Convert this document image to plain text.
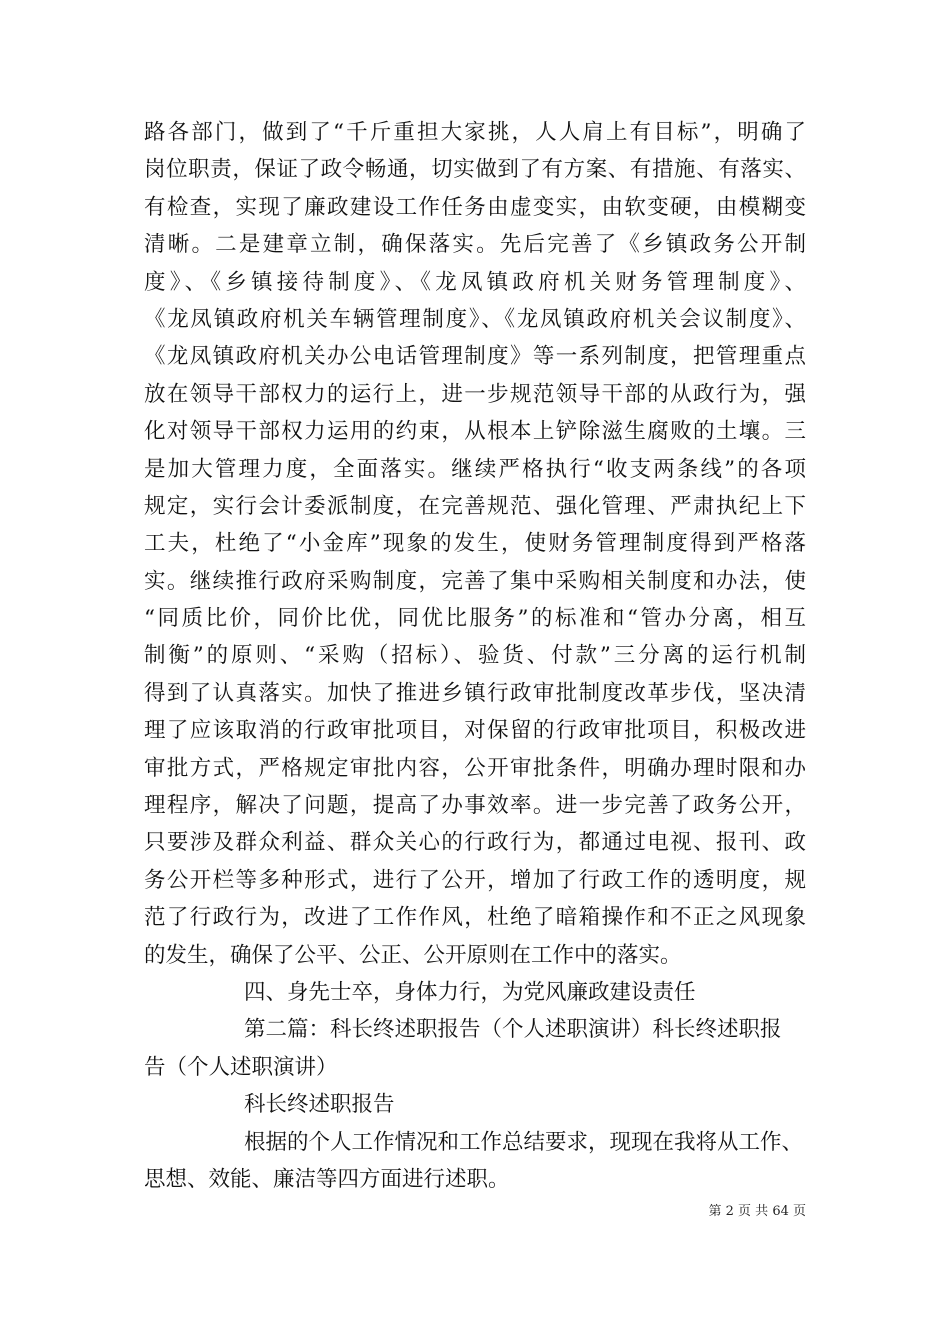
路各部门，做到了“千斤重担大家挑，人人肩上有目标”，明确了
岗位职责，保证了政令畅通，切实做到了有方案、有措施、有落实、
有检查，实现了廉政建设工作任务由虚变实，由软变硬，由模糊变
清晰。二是建章立制，确保落实。先后完善了《乡镇政务公开制
度》、《乡镇接待制度》、《龙凤镇政府机关财务管理制度》、
《龙凤镇政府机关车辆管理制度》、《龙凤镇政府机关会议制度》、
《龙凤镇政府机关办公电话管理制度》等一系列制度，把管理重点
放在领导干部权力的运行上，进一步规范领导干部的从政行为，强
化对领导干部权力运用的约束，从根本上铲除滋生腐败的土壤。三
是加大管理力度，全面落实。继续严格执行“收支两条线”的各项
规定，实行会计委派制度，在完善规范、强化管理、严肃执纪上下
工夫，杜绝了“小金库”现象的发生，使财务管理制度得到严格落
实。继续推行政府采购制度，完善了集中采购相关制度和办法，使
“同质比价，同价比优，同优比服务”的标准和“管办分离，相互
制衡”的原则、“采购（招标）、验货、付款”三分离的运行机制
得到了认真落实。加快了推进乡镇行政审批制度改革步伐，坚决清
理了应该取消的行政审批项目，对保留的行政审批项目，积极改进
审批方式，严格规定审批内容，公开审批条件，明确办理时限和办
理程序，解决了问题，提高了办事效率。进一步完善了政务公开，
只要涉及群众利益、群众关心的行政行为，都通过电视、报刊、政
务公开栏等多种形式，进行了公开，增加了行政工作的透明度，规
范了行政行为，改进了工作作风，杜绝了暗箱操作和不正之风现象
的发生，确保了公平、公正、公开原则在工作中的落实。
四、身先士卒，身体力行，为党风廉政建设责任
第二篇：科长终述职报告（个人述职演讲）科长终述职报
告（个人述职演讲）
科长终述职报告
根据的个人工作情况和工作总结要求，现现在我将从工作、
思想、效能、廉洁等四方面进行述职。
第 2 页 共 64 页
